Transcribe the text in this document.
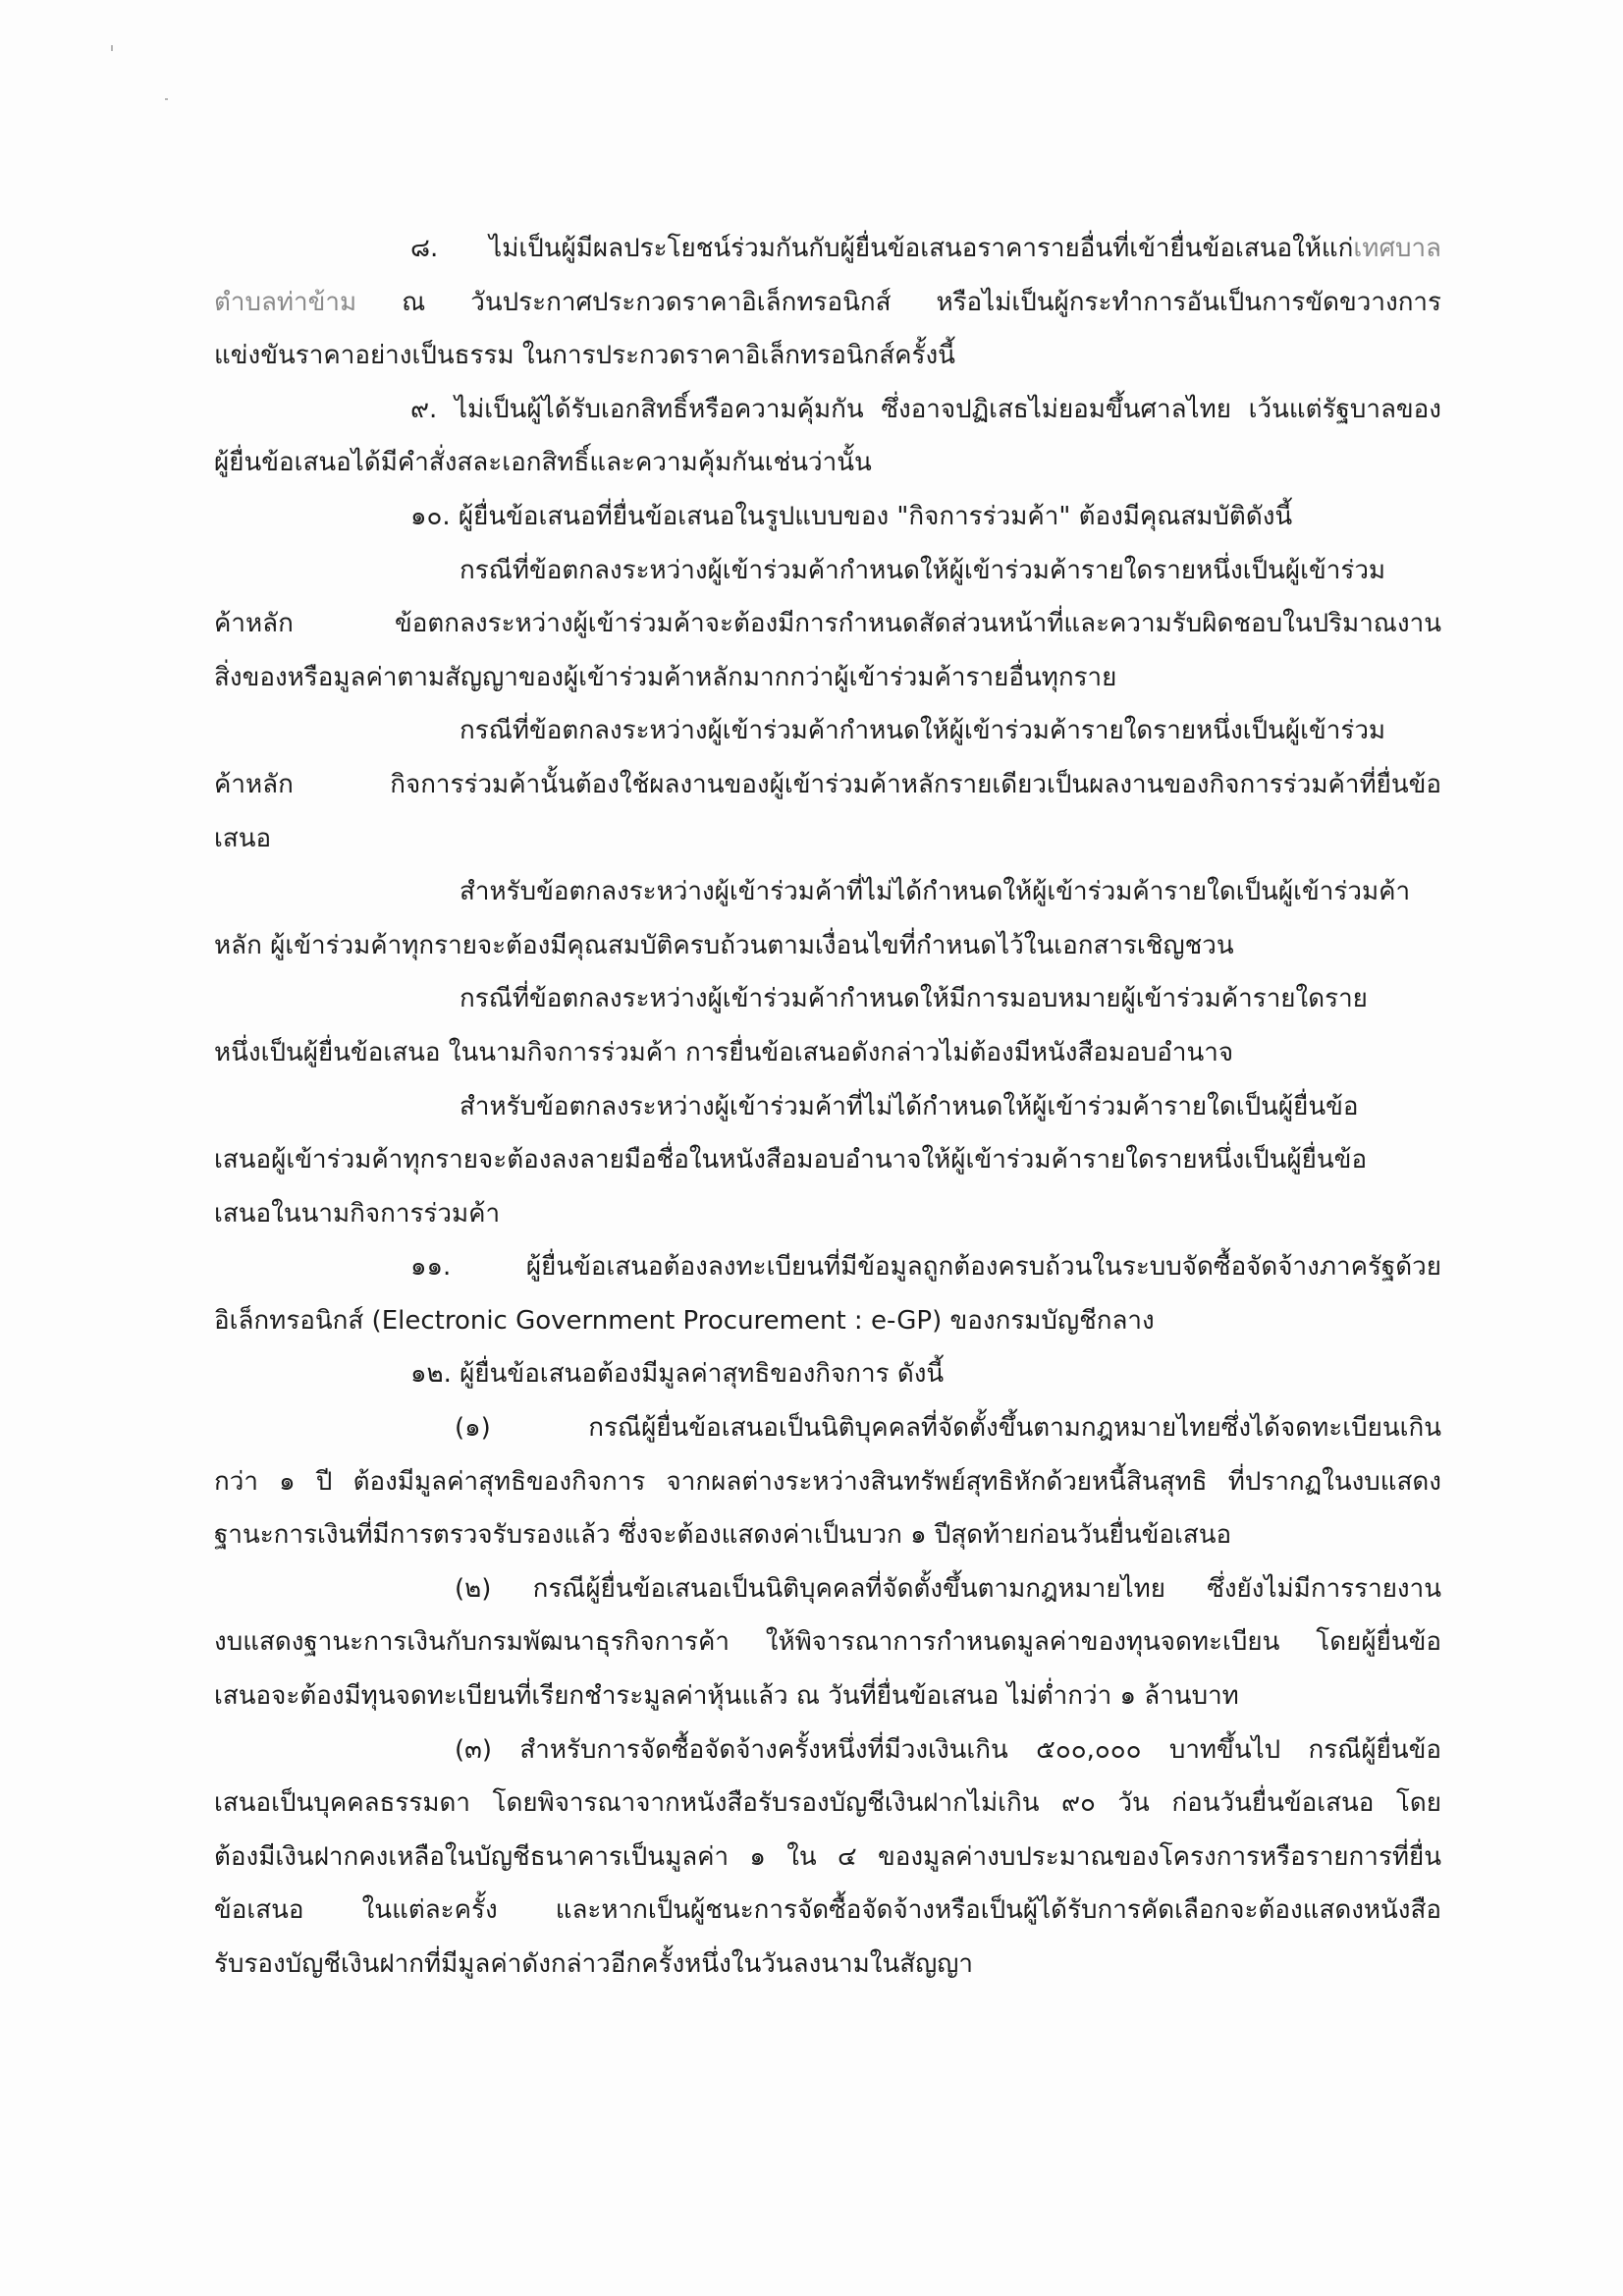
๘. ไม่เป็นผู้มีผลประโยชน์ร่วมกันกับผู้ยื่นข้อเสนอราคารายอื่นที่เข้ายื่นข้อเสนอให้แก่เทศบาล
ตำบลท่าข้าม ณ วันประกาศประกวดราคาอิเล็กทรอนิกส์ หรือไม่เป็นผู้กระทำการอันเป็นการขัดขวางการ
แข่งขันราคาอย่างเป็นธรรม ในการประกวดราคาอิเล็กทรอนิกส์ครั้งนี้
๙. ไม่เป็นผู้ได้รับเอกสิทธิ์หรือความคุ้มกัน ซึ่งอาจปฏิเสธไม่ยอมขึ้นศาลไทย เว้นแต่รัฐบาลของ
ผู้ยื่นข้อเสนอได้มีคำสั่งสละเอกสิทธิ์และความคุ้มกันเช่นว่านั้น
๑๐. ผู้ยื่นข้อเสนอที่ยื่นข้อเสนอในรูปแบบของ "กิจการร่วมค้า" ต้องมีคุณสมบัติดังนี้
กรณีที่ข้อตกลงระหว่างผู้เข้าร่วมค้ากำหนดให้ผู้เข้าร่วมค้ารายใดรายหนึ่งเป็นผู้เข้าร่วม
ค้าหลัก ข้อตกลงระหว่างผู้เข้าร่วมค้าจะต้องมีการกำหนดสัดส่วนหน้าที่และความรับผิดชอบในปริมาณงาน
สิ่งของหรือมูลค่าตามสัญญาของผู้เข้าร่วมค้าหลักมากกว่าผู้เข้าร่วมค้ารายอื่นทุกราย
กรณีที่ข้อตกลงระหว่างผู้เข้าร่วมค้ากำหนดให้ผู้เข้าร่วมค้ารายใดรายหนึ่งเป็นผู้เข้าร่วม
ค้าหลัก กิจการร่วมค้านั้นต้องใช้ผลงานของผู้เข้าร่วมค้าหลักรายเดียวเป็นผลงานของกิจการร่วมค้าที่ยื่นข้อ
เสนอ
สำหรับข้อตกลงระหว่างผู้เข้าร่วมค้าที่ไม่ได้กำหนดให้ผู้เข้าร่วมค้ารายใดเป็นผู้เข้าร่วมค้า
หลัก ผู้เข้าร่วมค้าทุกรายจะต้องมีคุณสมบัติครบถ้วนตามเงื่อนไขที่กำหนดไว้ในเอกสารเชิญชวน
กรณีที่ข้อตกลงระหว่างผู้เข้าร่วมค้ากำหนดให้มีการมอบหมายผู้เข้าร่วมค้ารายใดราย
หนึ่งเป็นผู้ยื่นข้อเสนอ ในนามกิจการร่วมค้า การยื่นข้อเสนอดังกล่าวไม่ต้องมีหนังสือมอบอำนาจ
สำหรับข้อตกลงระหว่างผู้เข้าร่วมค้าที่ไม่ได้กำหนดให้ผู้เข้าร่วมค้ารายใดเป็นผู้ยื่นข้อ
เสนอผู้เข้าร่วมค้าทุกรายจะต้องลงลายมือชื่อในหนังสือมอบอำนาจให้ผู้เข้าร่วมค้ารายใดรายหนึ่งเป็นผู้ยื่นข้อ
เสนอในนามกิจการร่วมค้า
๑๑. ผู้ยื่นข้อเสนอต้องลงทะเบียนที่มีข้อมูลถูกต้องครบถ้วนในระบบจัดซื้อจัดจ้างภาครัฐด้วย
อิเล็กทรอนิกส์ (Electronic Government Procurement : e-GP) ของกรมบัญชีกลาง
๑๒. ผู้ยื่นข้อเสนอต้องมีมูลค่าสุทธิของกิจการ ดังนี้
(๑) กรณีผู้ยื่นข้อเสนอเป็นนิติบุคคลที่จัดตั้งขึ้นตามกฎหมายไทยซึ่งได้จดทะเบียนเกิน
กว่า ๑ ปี ต้องมีมูลค่าสุทธิของกิจการ จากผลต่างระหว่างสินทรัพย์สุทธิหักด้วยหนี้สินสุทธิ ที่ปรากฏในงบแสดง
ฐานะการเงินที่มีการตรวจรับรองแล้ว ซึ่งจะต้องแสดงค่าเป็นบวก ๑ ปีสุดท้ายก่อนวันยื่นข้อเสนอ
(๒) กรณีผู้ยื่นข้อเสนอเป็นนิติบุคคลที่จัดตั้งขึ้นตามกฎหมายไทย ซึ่งยังไม่มีการรายงาน
งบแสดงฐานะการเงินกับกรมพัฒนาธุรกิจการค้า ให้พิจารณาการกำหนดมูลค่าของทุนจดทะเบียน โดยผู้ยื่นข้อ
เสนอจะต้องมีทุนจดทะเบียนที่เรียกชำระมูลค่าหุ้นแล้ว ณ วันที่ยื่นข้อเสนอ ไม่ต่ำกว่า ๑ ล้านบาท
(๓) สำหรับการจัดซื้อจัดจ้างครั้งหนึ่งที่มีวงเงินเกิน ๕๐๐,๐๐๐ บาทขึ้นไป กรณีผู้ยื่นข้อ
เสนอเป็นบุคคลธรรมดา โดยพิจารณาจากหนังสือรับรองบัญชีเงินฝากไม่เกิน ๙๐ วัน ก่อนวันยื่นข้อเสนอ โดย
ต้องมีเงินฝากคงเหลือในบัญชีธนาคารเป็นมูลค่า ๑ ใน ๔ ของมูลค่างบประมาณของโครงการหรือรายการที่ยื่น
ข้อเสนอ ในแต่ละครั้ง และหากเป็นผู้ชนะการจัดซื้อจัดจ้างหรือเป็นผู้ได้รับการคัดเลือกจะต้องแสดงหนังสือ
รับรองบัญชีเงินฝากที่มีมูลค่าดังกล่าวอีกครั้งหนึ่งในวันลงนามในสัญญา
